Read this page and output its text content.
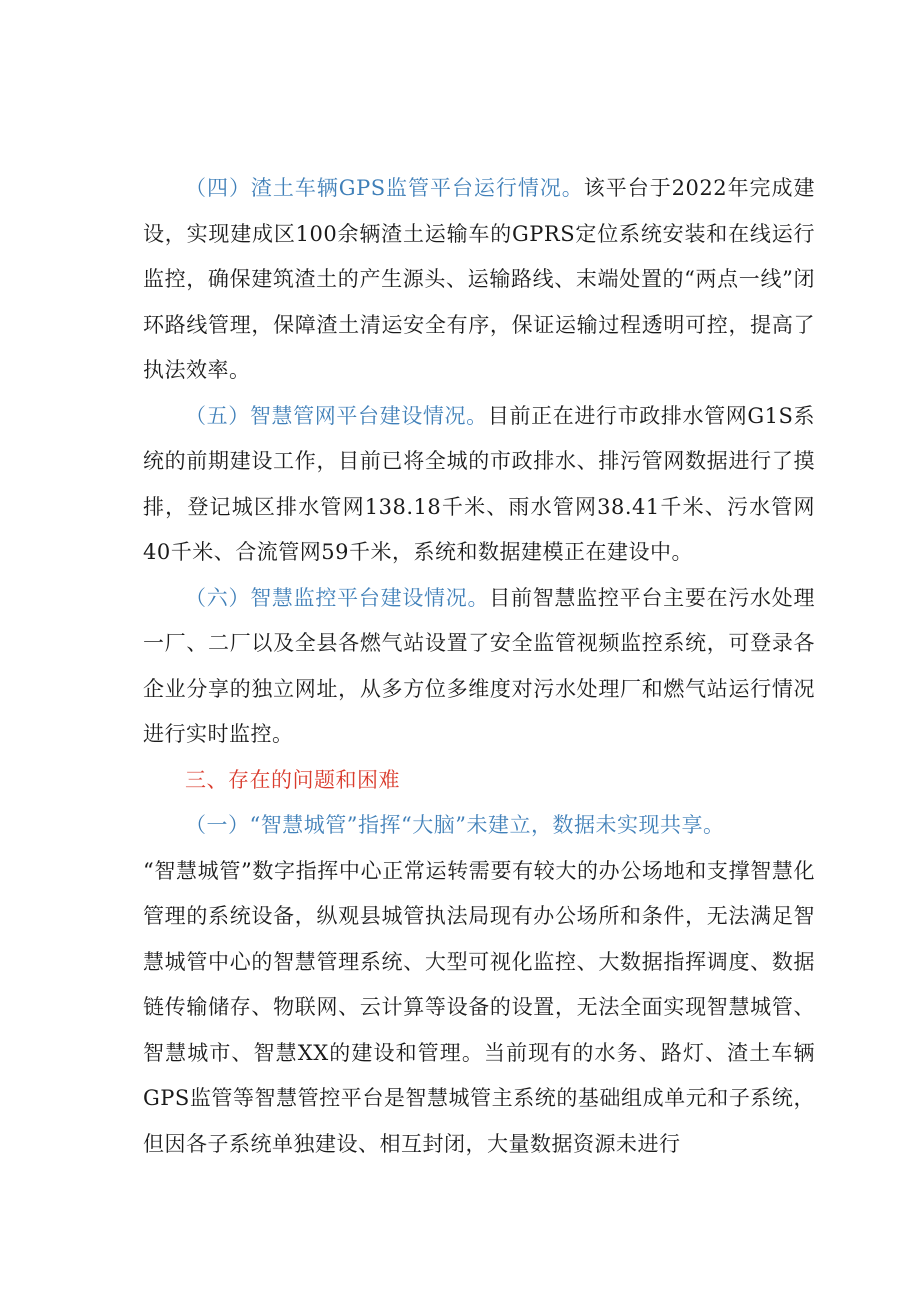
（四）渣土车辆GPS监管平台运行情况。该平台于2022年完成建设，实现建成区100余辆渣土运输车的GPRS定位系统安装和在线运行监控，确保建筑渣土的产生源头、运输路线、末端处置的“两点一线”闭环路线管理，保障渣土清运安全有序，保证运输过程透明可控，提高了执法效率。

（五）智慧管网平台建设情况。目前正在进行市政排水管网G1S系统的前期建设工作，目前已将全城的市政排水、排污管网数据进行了摸排，登记城区排水管网138.18千米、雨水管网38.41千米、污水管网40千米、合流管网59千米，系统和数据建模正在建设中。

（六）智慧监控平台建设情况。目前智慧监控平台主要在污水处理一厂、二厂以及全县各燃气站设置了安全监管视频监控系统，可登录各企业分享的独立网址，从多方位多维度对污水处理厂和燃气站运行情况进行实时监控。

三、存在的问题和困难

（一）“智慧城管”指挥“大脑”未建立，数据未实现共享。

“智慧城管”数字指挥中心正常运转需要有较大的办公场地和支撑智慧化管理的系统设备，纵观县城管执法局现有办公场所和条件，无法满足智慧城管中心的智慧管理系统、大型可视化监控、大数据指挥调度、数据链传输储存、物联网、云计算等设备的设置，无法全面实现智慧城管、智慧城市、智慧XX的建设和管理。当前现有的水务、路灯、渣土车辆GPS监管等智慧管控平台是智慧城管主系统的基础组成单元和子系统，但因各子系统单独建设、相互封闭，大量数据资源未进行
